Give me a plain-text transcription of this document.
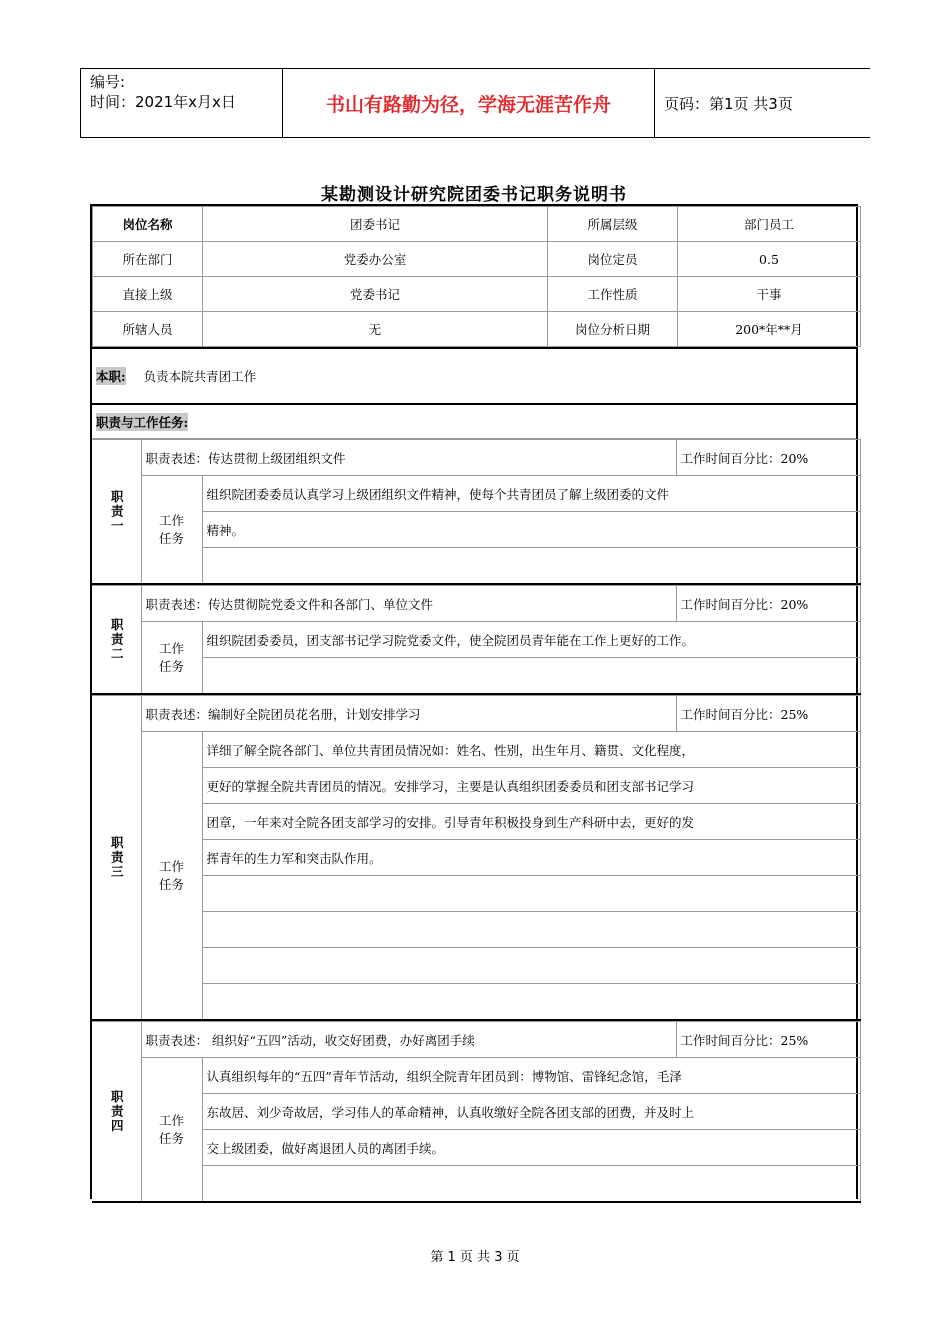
编号:
时间：2021年x月x日	书山有路勤为径，学海无涯苦作舟	页码：第1页 共3页
某勘测设计研究院团委书记职务说明书
岗位名称	团委书记	所属层级	部门员工
所在部门	党委办公室	岗位定员	0.5
直接上级	党委书记	工作性质	干事
所辖人员	无	岗位分析日期	200*年**月
本职: 负责本院共青团工作
职责与工作任务:
职责一	职责表述：传达贯彻上级团组织文件		工作时间百分比：20%
	工作任务	组织院团委委员认真学习上级团组织文件精神，使每个共青团员了解上级团委的文件	
		精神。	

职责二	职责表述：传达贯彻院党委文件和各部门、单位文件		工作时间百分比：20%
	工作任务	组织院团委委员，团支部书记学习院党委文件，使全院团员青年能在工作上更好的工作。	

职责三	职责表述：编制好全院团员花名册，计划安排学习		工作时间百分比：25%
	工作任务	详细了解全院各部门、单位共青团员情况如：姓名、性别，出生年月、籍贯、文化程度，	
		更好的掌握全院共青团员的情况。安排学习，主要是认真组织团委委员和团支部书记学习	
		团章，一年来对全院各团支部学习的安排。引导青年积极投身到生产科研中去，更好的发	
		挥青年的生力军和突击队作用。	

职责四	职责表述： 组织好“五四”活动，收交好团费，办好离团手续		工作时间百分比：25%
	工作任务	认真组织每年的“五四”青年节活动，组织全院青年团员到：博物馆、雷锋纪念馆，毛泽	
		东故居、刘少奇故居，学习伟人的革命精神，认真收缴好全院各团支部的团费，并及时上	
		交上级团委，做好离退团人员的离团手续。	

第 1 页 共 3 页
